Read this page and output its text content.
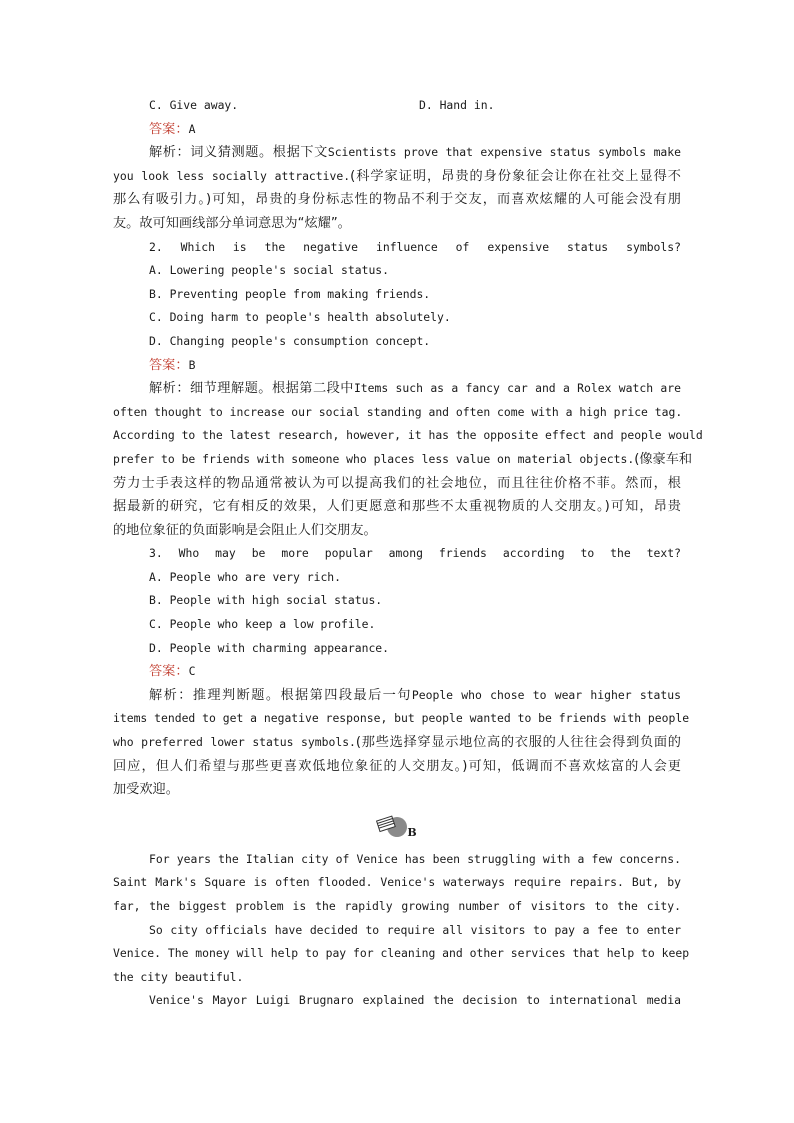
C. Give away.	D. Hand in.
答案：A
解析：词义猜测题。根据下文Scientists prove that expensive status symbols make
you look less socially attractive.(科学家证明，昂贵的身份象征会让你在社交上显得不
那么有吸引力。)可知，昂贵的身份标志性的物品不利于交友，而喜欢炫耀的人可能会没有朋
友。故可知画线部分单词意思为“炫耀”。
2. Which is the negative influence of expensive status symbols?
A. Lowering people's social status.
B. Preventing people from making friends.
C. Doing harm to people's health absolutely.
D. Changing people's consumption concept.
答案：B
解析：细节理解题。根据第二段中Items such as a fancy car and a Rolex watch are
often thought to increase our social standing and often come with a high price tag.
According to the latest research, however, it has the opposite effect and people would
prefer to be friends with someone who places less value on material objects.(像豪车和
劳力士手表这样的物品通常被认为可以提高我们的社会地位，而且往往价格不菲。然而，根
据最新的研究，它有相反的效果，人们更愿意和那些不太重视物质的人交朋友。)可知，昂贵
的地位象征的负面影响是会阻止人们交朋友。
3. Who may be more popular among friends according to the text?
A. People who are very rich.
B. People with high social status.
C. People who keep a low profile.
D. People with charming appearance.
答案：C
解析：推理判断题。根据第四段最后一句People who chose to wear higher status
items tended to get a negative response, but people wanted to be friends with people
who preferred lower status symbols.(那些选择穿显示地位高的衣服的人往往会得到负面的
回应，但人们希望与那些更喜欢低地位象征的人交朋友。)可知，低调而不喜欢炫富的人会更
加受欢迎。
B
For years the Italian city of Venice has been struggling with a few concerns.
Saint Mark's Square is often flooded. Venice's waterways require repairs. But, by
far, the biggest problem is the rapidly growing number of visitors to the city.
So city officials have decided to require all visitors to pay a fee to enter
Venice. The money will help to pay for cleaning and other services that help to keep
the city beautiful.
Venice's Mayor Luigi Brugnaro explained the decision to international media
